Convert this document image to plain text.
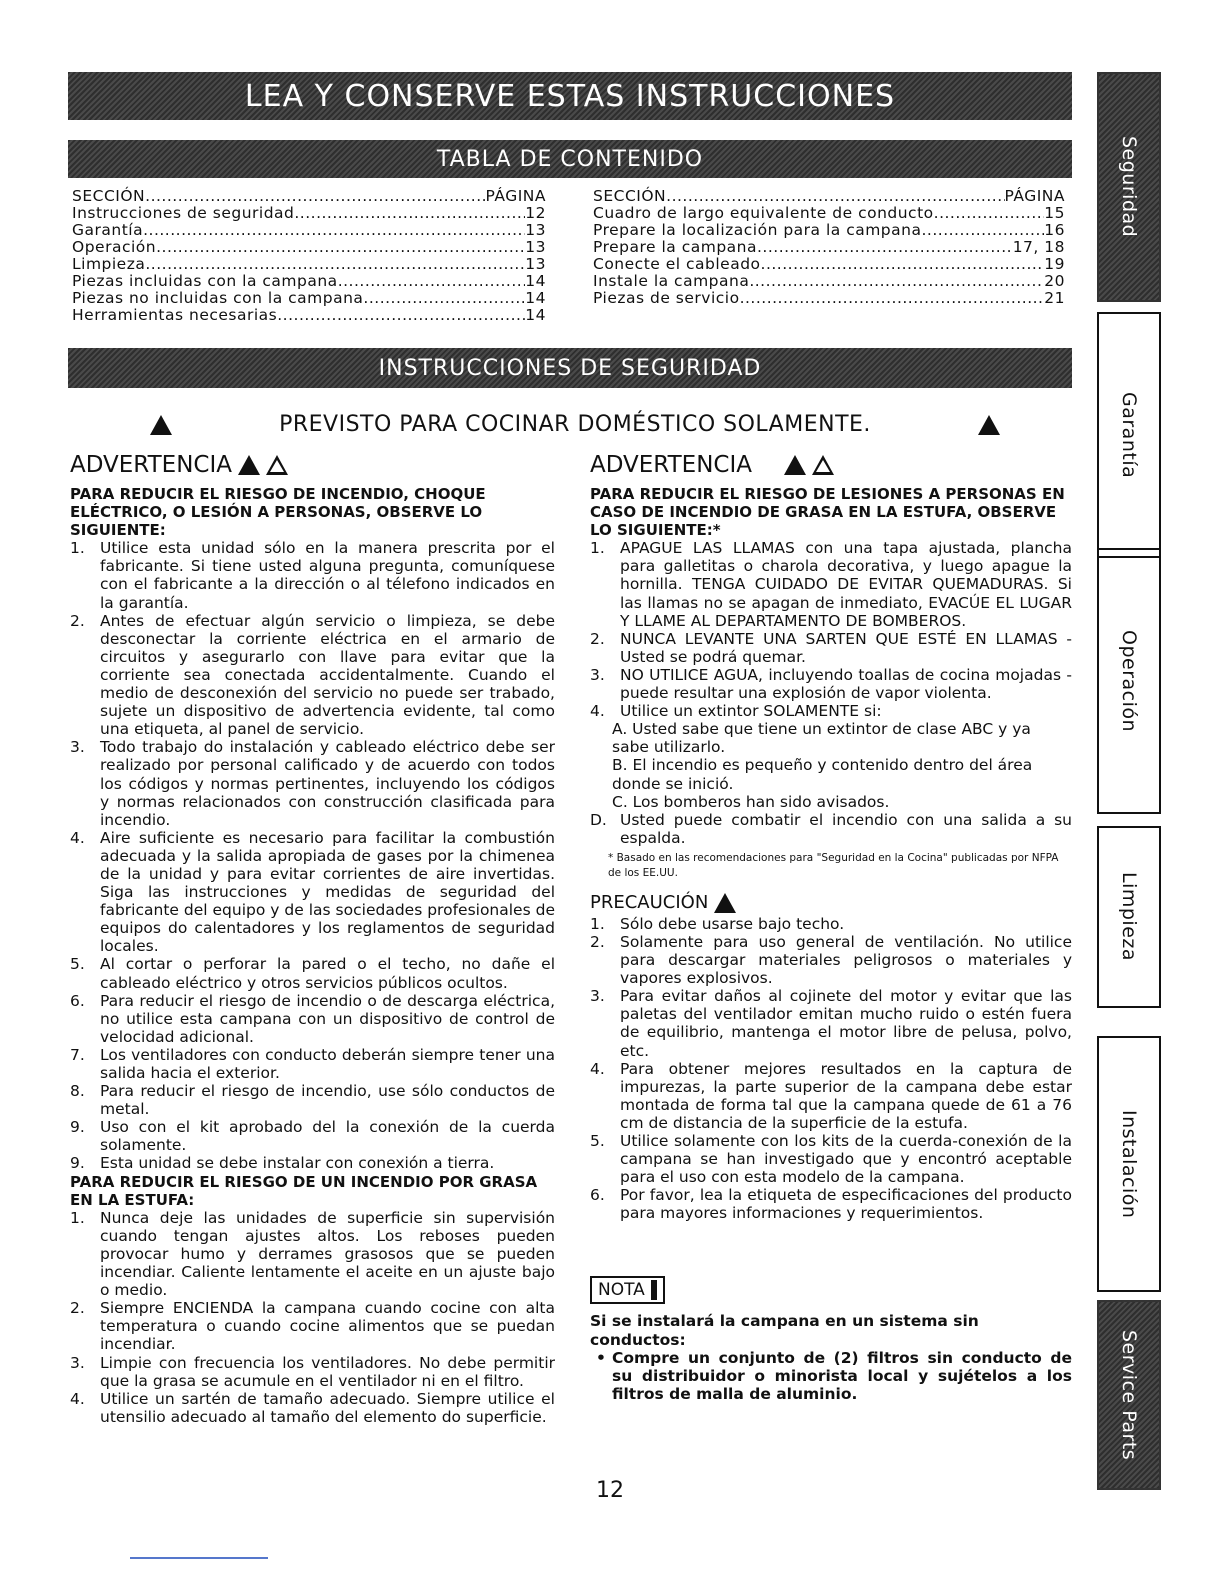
LEA Y CONSERVE ESTAS INSTRUCCIONES
TABLA DE CONTENIDO
SECCIÓN .....	PÁGINA
Instrucciones de seguridad .....	12
Garantía .....	13
Operación .....	13
Limpieza .....	13
Piezas incluidas con la campana .....	14
Piezas no incluidas con la campana .....	14
Herramientas necesarias .....	14
SECCIÓN .....	PÁGINA
Cuadro de largo equivalente de conducto .....	15
Prepare la localización para la campana .....	16
Prepare la campana .....	17, 18
Conecte el cableado .....	19
Instale la campana .....	20
Piezas de servicio .....	21
INSTRUCCIONES DE SEGURIDAD
PREVISTO PARA COCINAR DOMÉSTICO SOLAMENTE.
ADVERTENCIA
PARA REDUCIR EL RIESGO DE INCENDIO, CHOQUE ELÉCTRICO, O LESIÓN A PERSONAS, OBSERVE LO SIGUIENTE:
1. Utilice esta unidad sólo en la manera prescrita por el fabricante. Si tiene usted alguna pregunta, comuníquese con el fabricante a la dirección o al télefono indicados en la garantía.
2. Antes de efectuar algún servicio o limpieza, se debe desconectar la corriente eléctrica en el armario de circuitos y asegurarlo con llave para evitar que la corriente sea conectada accidentalmente. Cuando el medio de desconexión del servicio no puede ser trabado, sujete un dispositivo de advertencia evidente, tal como una etiqueta, al panel de servicio.
3. Todo trabajo do instalación y cableado eléctrico debe ser realizado por personal calificado y de acuerdo con todos los códigos y normas pertinentes, incluyendo los códigos y normas relacionados con construcción clasificada para incendio.
4. Aire suficiente es necesario para facilitar la combustión adecuada y la salida apropiada de gases por la chimenea de la unidad y para evitar corrientes de aire invertidas. Siga las instrucciones y medidas de seguridad del fabricante del equipo y de las sociedades profesionales de equipos do calentadores y los reglamentos de seguridad locales.
5. Al cortar o perforar la pared o el techo, no dañe el cableado eléctrico y otros servicios públicos ocultos.
6. Para reducir el riesgo de incendio o de descarga eléctrica, no utilice esta campana con un dispositivo de control de velocidad adicional.
7. Los ventiladores con conducto deberán siempre tener una salida hacia el exterior.
8. Para reducir el riesgo de incendio, use sólo conductos de metal.
9. Uso con el kit aprobado del la conexión de la cuerda solamente.
9. Esta unidad se debe instalar con conexión a tierra.
PARA REDUCIR EL RIESGO DE UN INCENDIO POR GRASA EN LA ESTUFA:
1. Nunca deje las unidades de superficie sin supervisión cuando tengan ajustes altos. Los reboses pueden provocar humo y derrames grasosos que se pueden incendiar. Caliente lentamente el aceite en un ajuste bajo o medio.
2. Siempre ENCIENDA la campana cuando cocine con alta temperatura o cuando cocine alimentos que se puedan incendiar.
3. Limpie con frecuencia los ventiladores. No debe permitir que la grasa se acumule en el ventilador ni en el filtro.
4. Utilice un sartén de tamaño adecuado. Siempre utilice el utensilio adecuado al tamaño del elemento do superficie.
ADVERTENCIA
PARA REDUCIR EL RIESGO DE LESIONES A PERSONAS EN CASO DE INCENDIO DE GRASA EN LA ESTUFA, OBSERVE LO SIGUIENTE:*
1. APAGUE LAS LLAMAS con una tapa ajustada, plancha para galletitas o charola decorativa, y luego apague la hornilla. TENGA CUIDADO DE EVITAR QUEMADURAS. Si las llamas no se apagan de inmediato, EVACÚE EL LUGAR Y LLAME AL DEPARTAMENTO DE BOMBEROS.
2. NUNCA LEVANTE UNA SARTEN QUE ESTÉ EN LLAMAS - Usted se podrá quemar.
3. NO UTILICE AGUA, incluyendo toallas de cocina mojadas - puede resultar una explosión de vapor violenta.
4. Utilice un extintor SOLAMENTE si:
A. Usted sabe que tiene un extintor de clase ABC y ya sabe utilizarlo.
B. El incendio es pequeño y contenido dentro del área donde se inició.
C. Los bomberos han sido avisados.
D. Usted puede combatir el incendio con una salida a su espalda.
* Basado en las recomendaciones para "Seguridad en la Cocina" publicadas por NFPA de los EE.UU.
PRECAUCIÓN
1. Sólo debe usarse bajo techo.
2. Solamente para uso general de ventilación. No utilice para descargar materiales peligrosos o materiales y vapores explosivos.
3. Para evitar daños al cojinete del motor y evitar que las paletas del ventilador emitan mucho ruido o estén fuera de equilibrio, mantenga el motor libre de pelusa, polvo, etc.
4. Para obtener mejores resultados en la captura de impurezas, la parte superior de la campana debe estar montada de forma tal que la campana quede de 61 a 76 cm de distancia de la superficie de la estufa.
5. Utilice solamente con los kits de la cuerda-conexión de la campana se han investigado que y encontró aceptable para el uso con esta modelo de la campana.
6. Por favor, lea la etiqueta de especificaciones del producto para mayores informaciones y requerimientos.
NOTA
Si se instalará la campana en un sistema sin conductos:
• Compre un conjunto de (2) filtros sin conducto de su distribuidor o minorista local y sujételos a los filtros de malla de aluminio.
12
Seguridad
Garantía
Operación
Limpieza
Instalación
Service Parts
